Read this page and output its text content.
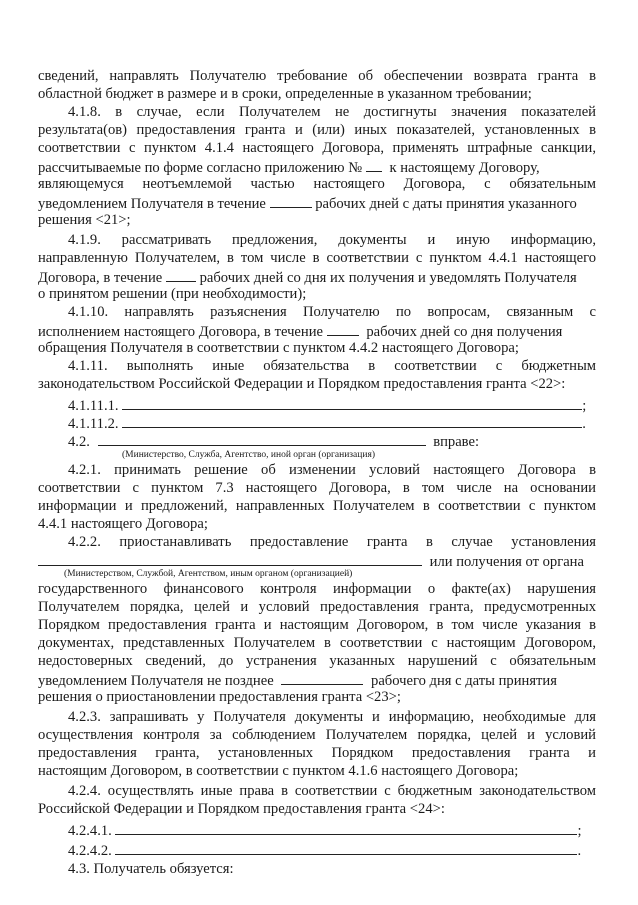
сведений, направлять Получателю требование об обеспечении возврата гранта в
областной бюджет в размере и в сроки, определенные в указанном требовании;
4.1.8. в случае, если Получателем не достигнуты значения показателей
результата(ов) предоставления гранта и (или) иных показателей, установленных в
соответствии с пунктом 4.1.4 настоящего Договора, применять штрафные санкции,
рассчитываемые по форме согласно приложению № к настоящему Договору,
являющемуся неотъемлемой частью настоящего Договора, с обязательным
уведомлением Получателя в течение	рабочих дней с даты принятия указанного
решения <21>;
4.1.9. рассматривать предложения, документы и иную информацию,
направленную Получателем, в том числе в соответствии с пунктом 4.4.1 настоящего
Договора, в течение	рабочих дней со дня их получения и уведомлять Получателя
о принятом решении (при необходимости);
4.1.10. направлять разъяснения Получателю по вопросам, связанным с
исполнением настоящего Договора, в течение	рабочих дней со дня получения
обращения Получателя в соответствии с пунктом 4.4.2 настоящего Договора;
4.1.11. выполнять иные обязательства в соответствии с бюджетным
законодательством Российской Федерации и Порядком предоставления гранта <22>:
4.1.11.1.	;
4.1.11.2.	.
4.2.	вправе:
(Министерство, Служба, Агентство, иной орган (организация)
4.2.1. принимать решение об изменении условий настоящего Договора в
соответствии с пунктом 7.3 настоящего Договора, в том числе на основании
информации и предложений, направленных Получателем в соответствии с пунктом
4.4.1 настоящего Договора;
4.2.2. приостанавливать предоставление гранта в случае установления
или получения от органа
(Министерством, Службой, Агентством, иным органом (организацией)
государственного финансового контроля информации о факте(ах) нарушения
Получателем порядка, целей и условий предоставления гранта, предусмотренных
Порядком предоставления гранта и настоящим Договором, в том числе указания в
документах, представленных Получателем в соответствии с настоящим Договором,
недостоверных сведений, до устранения указанных нарушений с обязательным
уведомлением Получателя не позднее	рабочего дня с даты принятия
решения о приостановлении предоставления гранта <23>;
4.2.3. запрашивать у Получателя документы и информацию, необходимые для
осуществления контроля за соблюдением Получателем порядка, целей и условий
предоставления гранта, установленных Порядком предоставления гранта и
настоящим Договором, в соответствии с пунктом 4.1.6 настоящего Договора;
4.2.4. осуществлять иные права в соответствии с бюджетным законодательством
Российской Федерации и Порядком предоставления гранта <24>:
4.2.4.1.	;
4.2.4.2.	.
4.3. Получатель обязуется:
